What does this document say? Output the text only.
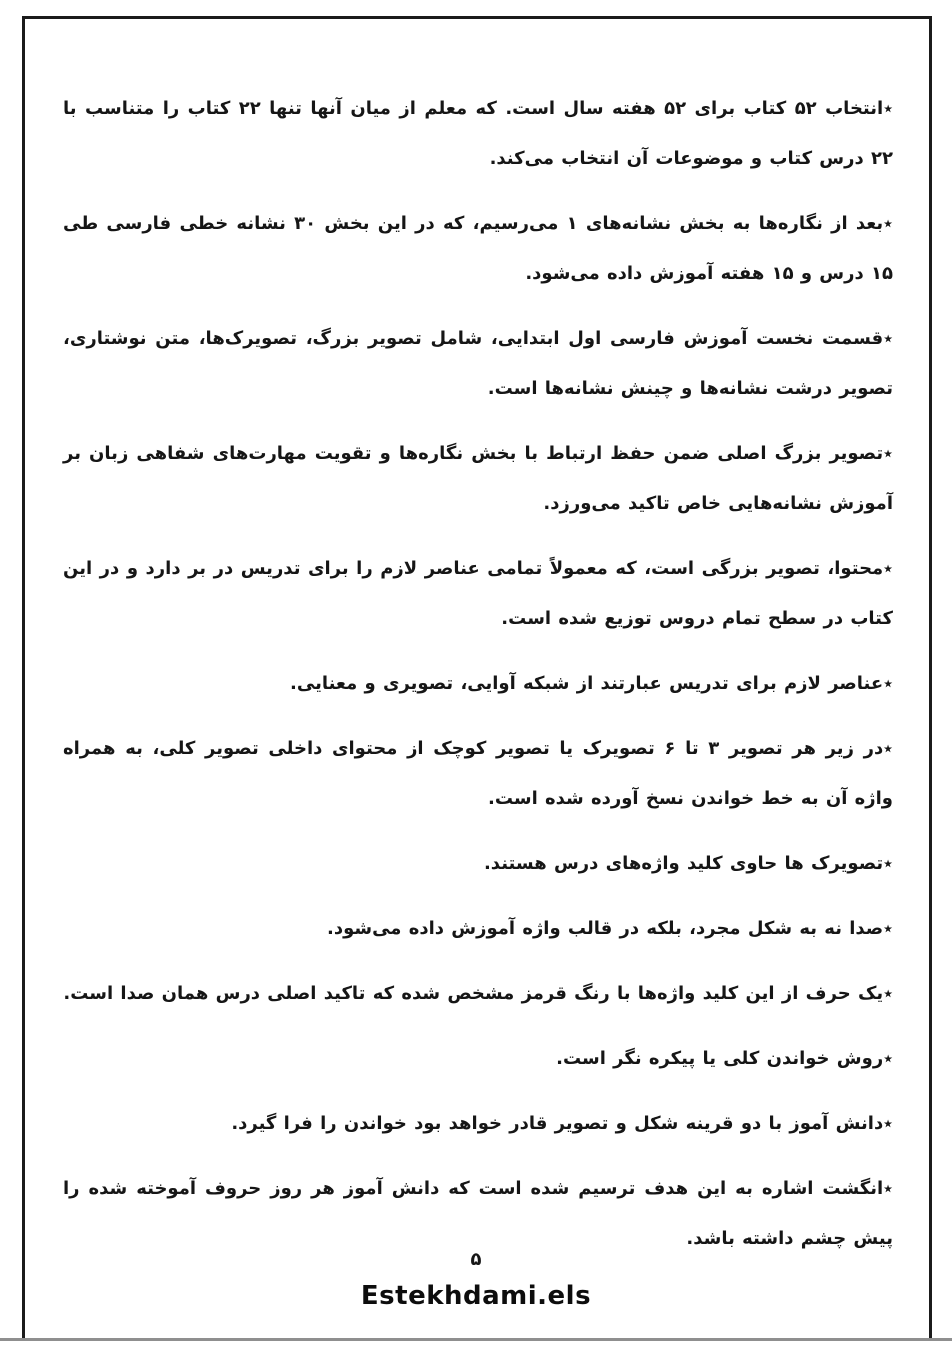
٭انتخاب ۵۲ کتاب برای ۵۲ هفته سال است. که معلم از میان آنها تنها ۲۲ کتاب را متناسب با ۲۲ درس کتاب و موضوعات آن انتخاب می‌کند.

٭بعد از نگاره‌ها به بخش نشانه‌های ۱ می‌رسیم، که در این بخش ۳۰ نشانه خطی فارسی طی ۱۵ درس و ۱۵ هفته آموزش داده می‌شود.

٭قسمت نخست آموزش فارسی اول ابتدایی، شامل تصویر بزرگ، تصویرک‌ها، متن نوشتاری، تصویر درشت نشانه‌ها و چینش نشانه‌ها است.

٭تصویر بزرگ اصلی ضمن حفظ ارتباط با بخش نگاره‌ها و تقویت مهارت‌های شفاهی زبان بر آموزش نشانه‌هایی خاص تاکید می‌ورزد.

٭محتوا، تصویر بزرگی است، که معمولاً تمامی عناصر لازم را برای تدریس در بر دارد و در این کتاب در سطح تمام دروس توزیع شده است.

٭عناصر لازم برای تدریس عبارتند از شبکه آوایی، تصویری و معنایی.

٭در زیر هر تصویر ۳ تا ۶ تصویرک یا تصویر کوچک از محتوای داخلی تصویر کلی، به همراه واژه آن به خط خواندن نسخ آورده شده است.

٭تصویرک ها حاوی کلید واژه‌های درس هستند.

٭صدا نه به شکل مجرد، بلکه در قالب واژه آموزش داده می‌شود.

٭یک حرف از این کلید واژه‌ها با رنگ قرمز مشخص شده که تاکید اصلی درس همان صدا است.

٭روش خواندن کلی یا پیکره نگر است.

٭دانش آموز با دو قرینه شکل و تصویر قادر خواهد بود خواندن را فرا گیرد.

٭انگشت اشاره به این هدف ترسیم شده است که دانش آموز هر روز حروف آموخته شده را پیش چشم داشته باشد.

۵
Estekhdami.els
